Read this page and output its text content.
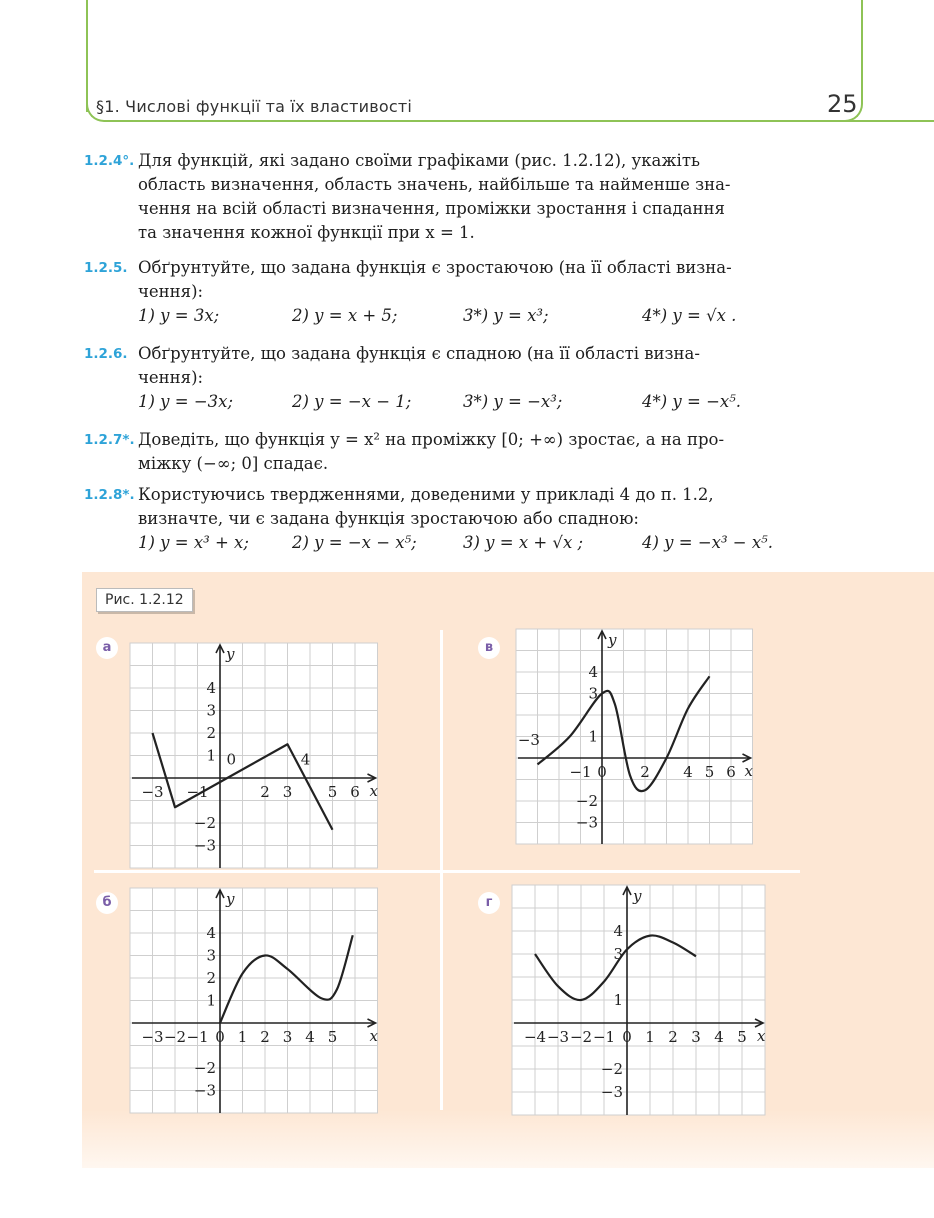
§1. Числові функції та їх властивості	25
1.2.4°. Для функцій, які задано своїми графіками (рис. 1.2.12), укажіть
область визначення, область значень, найбільше та найменше зна-
чення на всій області визначення, проміжки зростання і спадання
та значення кожної функції при x = 1.
1.2.5. Обґрунтуйте, що задана функція є зростаючою (на її області визна-
чення):
1) y = 3x;	2) y = x + 5;	3*) y = x³;	4*) y = √x .
1.2.6. Обґрунтуйте, що задана функція є спадною (на її області визна-
чення):
1) y = −3x;	2) y = −x − 1;	3*) y = −x³;	4*) y = −x⁵.
1.2.7*. Доведіть, що функція y = x² на проміжку [0; +∞) зростає, а на про-
міжку (−∞; 0] спадає.
1.2.8*. Користуючись твердженнями, доведеними у прикладі 4 до п. 1.2,
визначте, чи є задана функція зростаючою або спадною:
1) y = x³ + x;	2) y = −x − x⁵;	3) y = x + √x ;	4) y = −x³ − x⁵.
Рис. 1.2.12
а	в
б	г
x
y
−3 −1	2 3 5 6
4
3
2
1
−2
−3
0	4
x
y
−1 0 2 4 5 6
4
3
1
−2
−3
−3
x
y
−3 −2 −1 0 1 2 3 4 5
4
3
2
1
−2
−3
x
y
−4 −3 −2 −1 0 1 2 3 4 5
4
3
1
−2
−3
